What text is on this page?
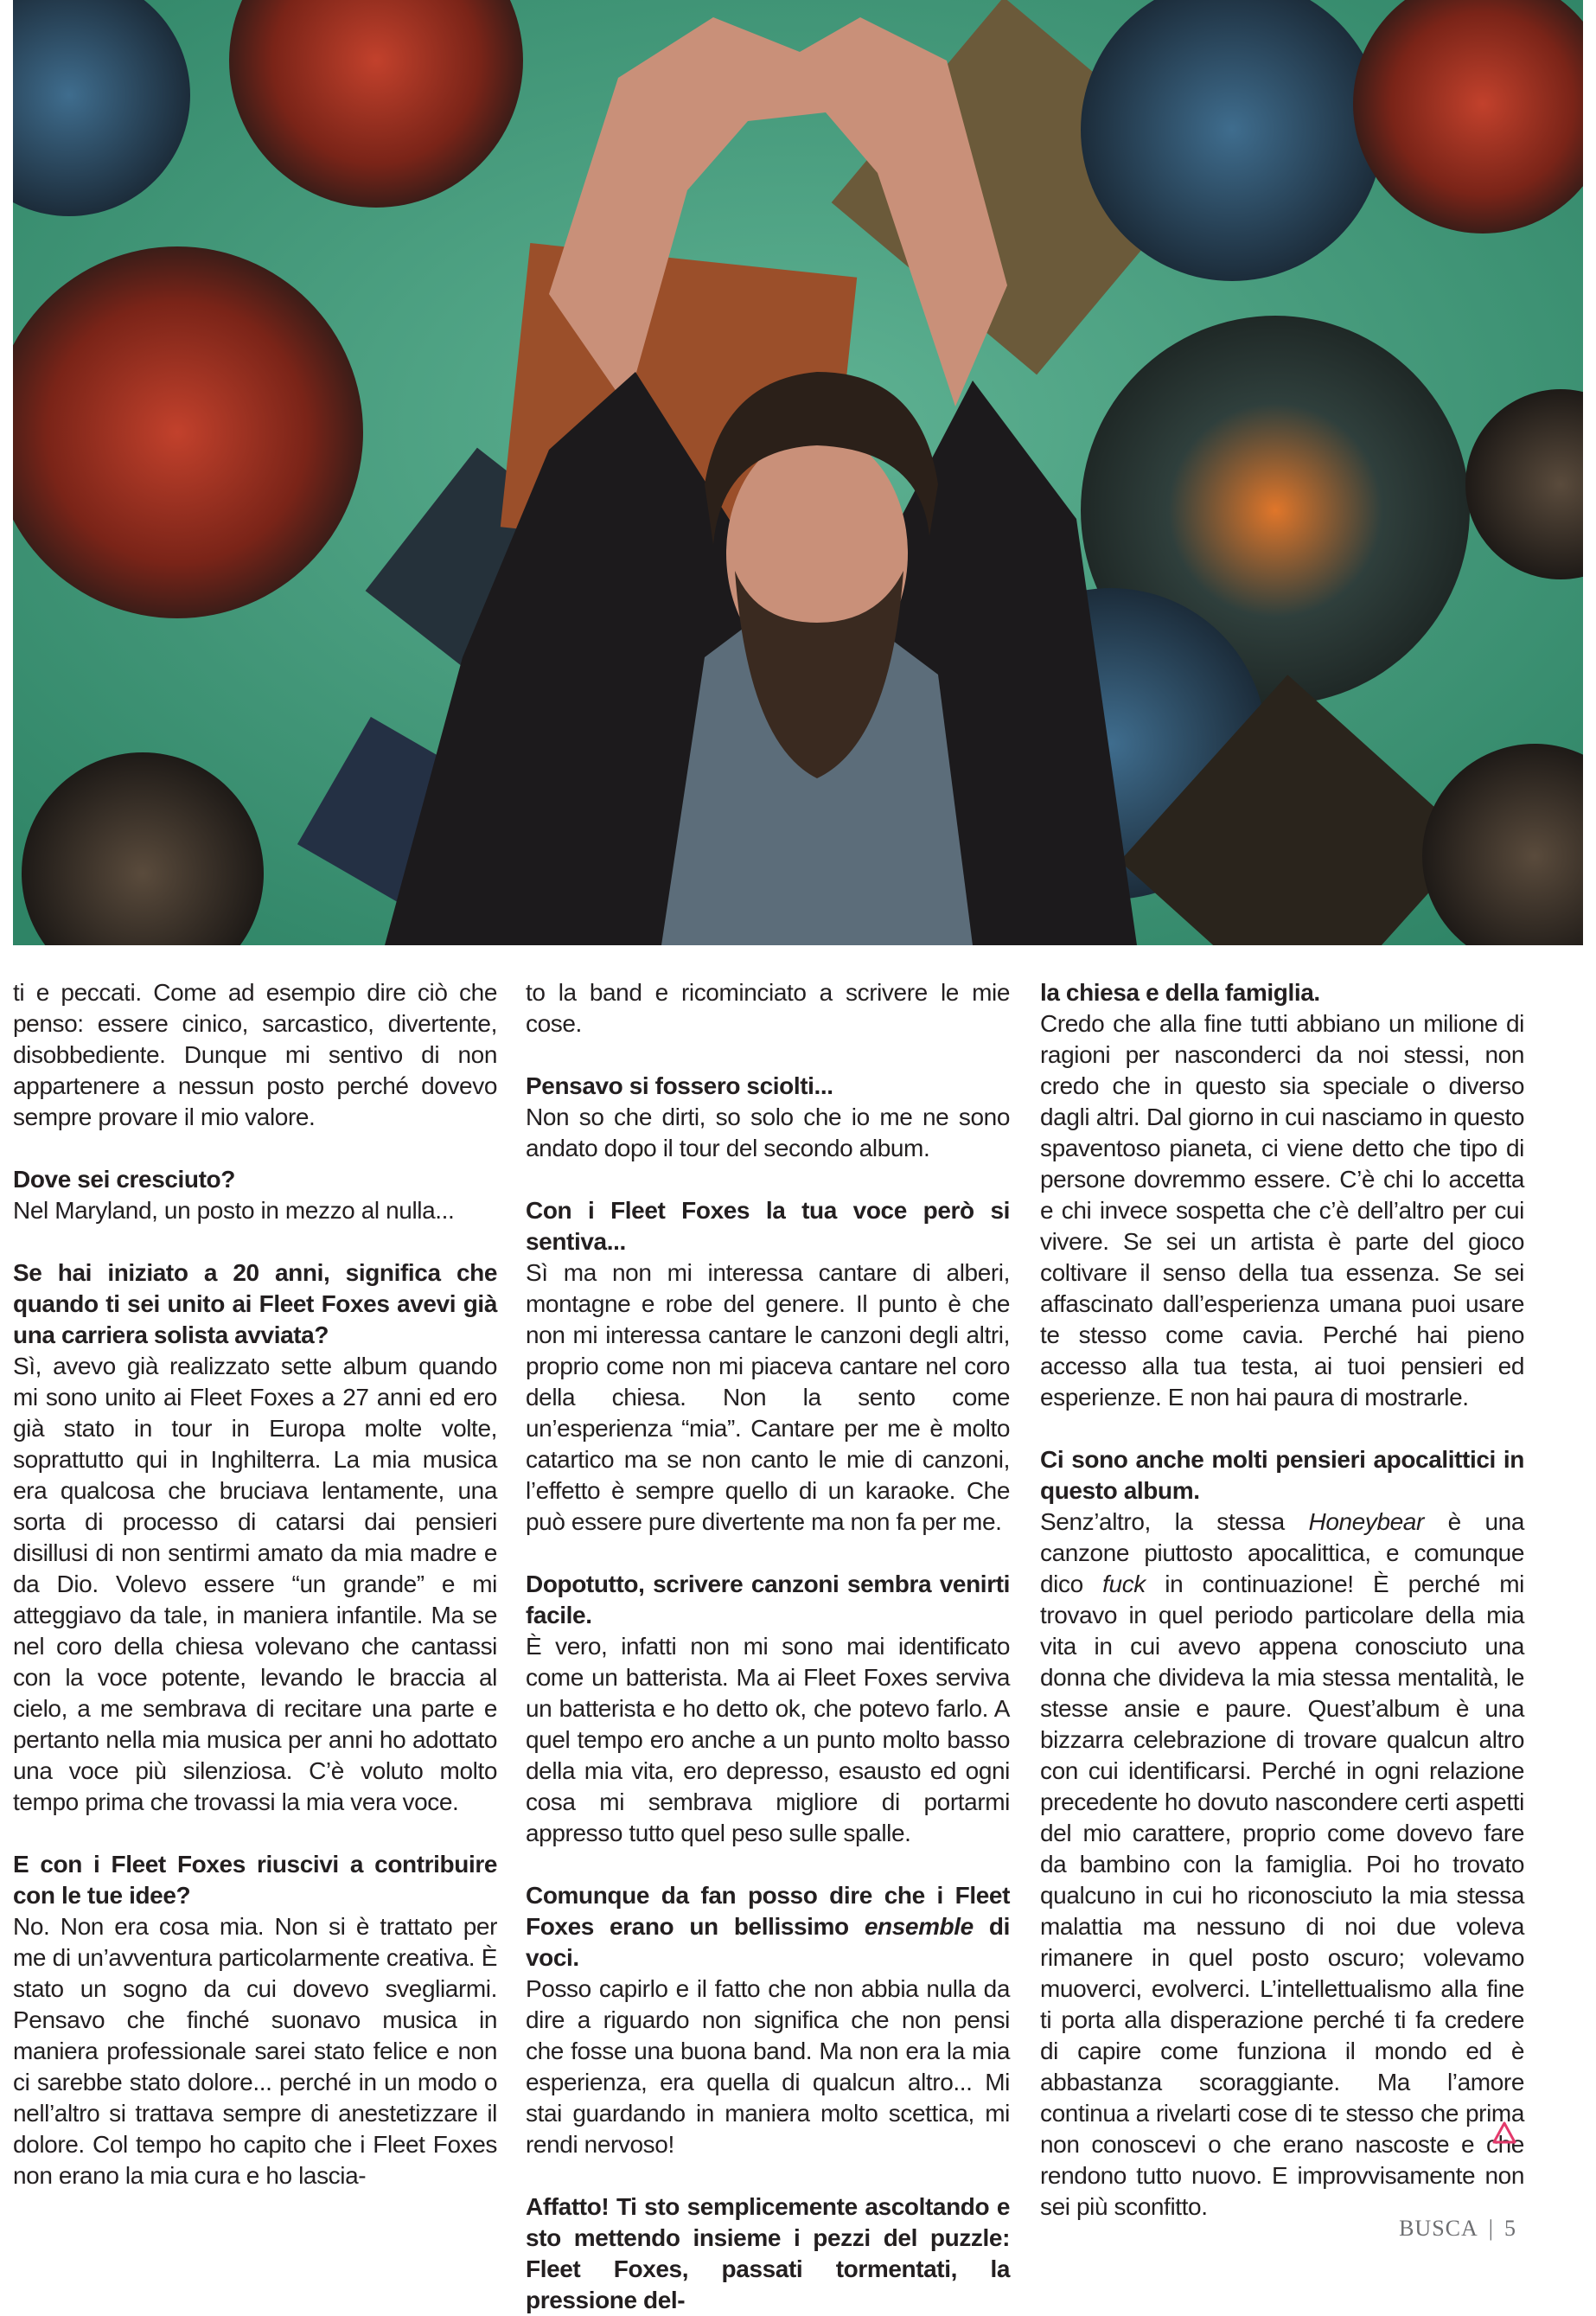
ti e peccati. Come ad esempio dire ciò che penso: essere cinico, sarcastico, divertente, disobbediente. Dunque mi sentivo di non appartenere a nessun posto perché dovevo sempre provare il mio valore.

Dove sei cresciuto?

Nel Maryland, un posto in mezzo al nulla...

Se hai iniziato a 20 anni, significa che quando ti sei unito ai Fleet Foxes avevi già una carriera solista avviata?

Sì, avevo già realizzato sette album quando mi sono unito ai Fleet Foxes a 27 anni ed ero già stato in tour in Europa molte volte, soprattutto qui in Inghilterra. La mia musica era qualcosa che bruciava lentamente, una sorta di processo di catarsi dai pensieri disillusi di non sentirmi amato da mia madre e da Dio. Volevo essere “un grande” e mi atteggiavo da tale, in maniera infantile. Ma se nel coro della chiesa volevano che cantassi con la voce potente, levando le braccia al cielo, a me sembrava di recitare una parte e pertanto nella mia musica per anni ho adottato una voce più silenziosa. C’è voluto molto tempo prima che trovassi la mia vera voce.

E con i Fleet Foxes riuscivi a contribuire con le tue idee?

No. Non era cosa mia. Non si è trattato per me di un’avventura particolarmente creativa. È stato un sogno da cui dovevo svegliarmi. Pensavo che finché suonavo musica in maniera professionale sarei stato felice e non ci sarebbe stato dolore... perché in un modo o nell’altro si trattava sempre di anestetizzare il dolore. Col tempo ho capito che i Fleet Foxes non erano la mia cura e ho lascia-

to la band e ricominciato a scrivere le mie cose.

Pensavo si fossero sciolti...

Non so che dirti, so solo che io me ne sono andato dopo il tour del secondo album.

Con i Fleet Foxes la tua voce però si sentiva...

Sì ma non mi interessa cantare di alberi, montagne e robe del genere. Il punto è che non mi interessa cantare le canzoni degli altri, proprio come non mi piaceva cantare nel coro della chiesa. Non la sento come un’esperienza “mia”. Cantare per me è molto catartico ma se non canto le mie di canzoni, l’effetto è sempre quello di un karaoke. Che può essere pure divertente ma non fa per me.

Dopotutto, scrivere canzoni sembra venirti facile.

È vero, infatti non mi sono mai identificato come un batterista. Ma ai Fleet Foxes serviva un batterista e ho detto ok, che potevo farlo. A quel tempo ero anche a un punto molto basso della mia vita, ero depresso, esausto ed ogni cosa mi sembrava migliore di portarmi appresso tutto quel peso sulle spalle.

Comunque da fan posso dire che i Fleet Foxes erano un bellissimo ensemble di voci.

Posso capirlo e il fatto che non abbia nulla da dire a riguardo non significa che non pensi che fosse una buona band. Ma non era la mia esperienza, era quella di qualcun altro... Mi stai guardando in maniera molto scettica, mi rendi nervoso!

Affatto! Ti sto semplicemente ascoltando e sto mettendo insieme i pezzi del puzzle: Fleet Foxes, passati tormentati, la pressione del-

la chiesa e della famiglia.

Credo che alla fine tutti abbiano un milione di ragioni per nasconderci da noi stessi, non credo che in questo sia speciale o diverso dagli altri. Dal giorno in cui nasciamo in questo spaventoso pianeta, ci viene detto che tipo di persone dovremmo essere. C’è chi lo accetta e chi invece sospetta che c’è dell’altro per cui vivere. Se sei un artista è parte del gioco coltivare il senso della tua essenza. Se sei affascinato dall’esperienza umana puoi usare te stesso come cavia. Perché hai pieno accesso alla tua testa, ai tuoi pensieri ed esperienze. E non hai paura di mostrarle.

Ci sono anche molti pensieri apocalittici in questo album.

Senz’altro, la stessa Honeybear è una canzone piuttosto apocalittica, e comunque dico fuck in continuazione! È perché mi trovavo in quel periodo particolare della mia vita in cui avevo appena conosciuto una donna che divideva la mia stessa mentalità, le stesse ansie e paure. Quest’album è una bizzarra celebrazione di trovare qualcun altro con cui identificarsi. Perché in ogni relazione precedente ho dovuto nascondere certi aspetti del mio carattere, proprio come dovevo fare da bambino con la famiglia. Poi ho trovato qualcuno in cui ho riconosciuto la mia stessa malattia ma nessuno di noi due voleva rimanere in quel posto oscuro; volevamo muoverci, evolverci. L’intellettualismo alla fine ti porta alla disperazione perché ti fa credere di capire come funziona il mondo ed è abbastanza scoraggiante. Ma l’amore continua a rivelarti cose di te stesso che prima non conoscevi o che erano nascoste e che rendono tutto nuovo. E improvvisamente non sei più sconfitto.

BUSCA | 5
